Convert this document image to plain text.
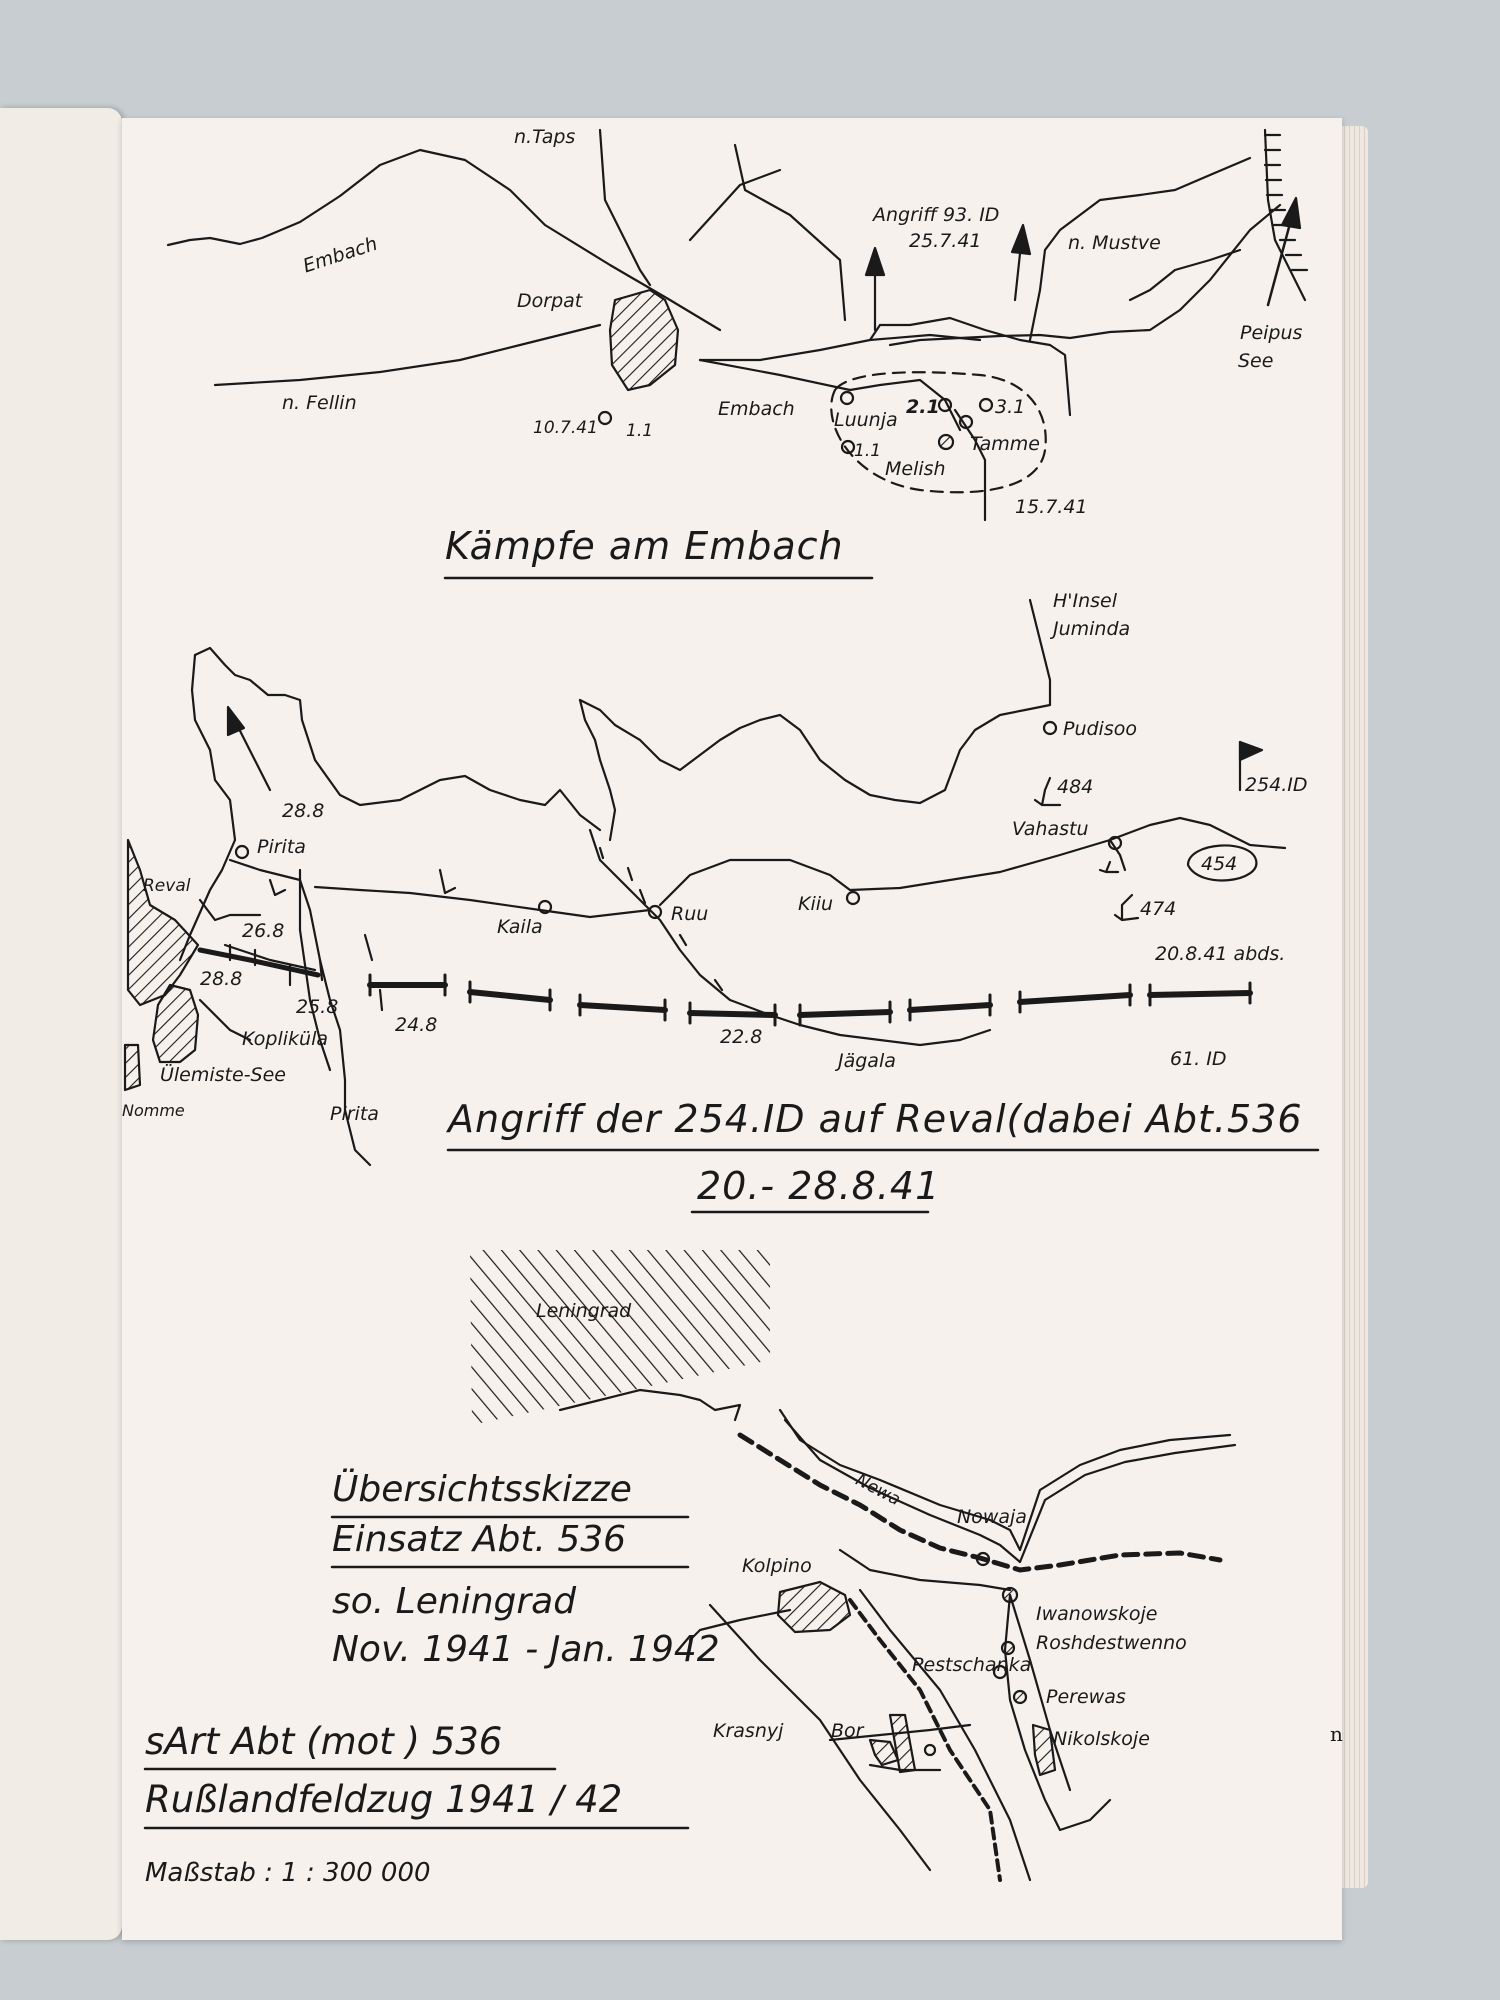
n.Taps
Embach
Dorpat
n. Fellin
10.7.41 1.1
Embach Luunja
Melish
Tamme
2.1	3.1
1.1
Angriff 93. ID
25.7.41	n. Mustve
Peipus
See
15.7.41
Kämpfe am Embach
H'Insel
Juminda
Pudisoo
28.8
Pirita
Reval
484
Vahastu
254.ID
454
474
20.8.41 abds.
Kaila
Ruu	Kiiu
26.8
28.8
25.8
24.8
Kopliküla
Ülemiste-See
Nomme	Pirita
22.8
Jägala	61. ID
Angriff der 254.ID auf Reval(dabei Abt.536
20.- 28.8.41
Leningrad
Newa
Nowaja
Kolpino
Iwanowskoje
Roshdestwenno
Pestschanka
Perewas
Krasnyj	Bor	Nikolskoje
Übersichtsskizze
Einsatz Abt. 536
so. Leningrad
Nov. 1941 - Jan. 1942
sArt Abt (mot ) 536
Rußlandfeldzug 1941 / 42
Maßstab : 1 : 300 000
n
